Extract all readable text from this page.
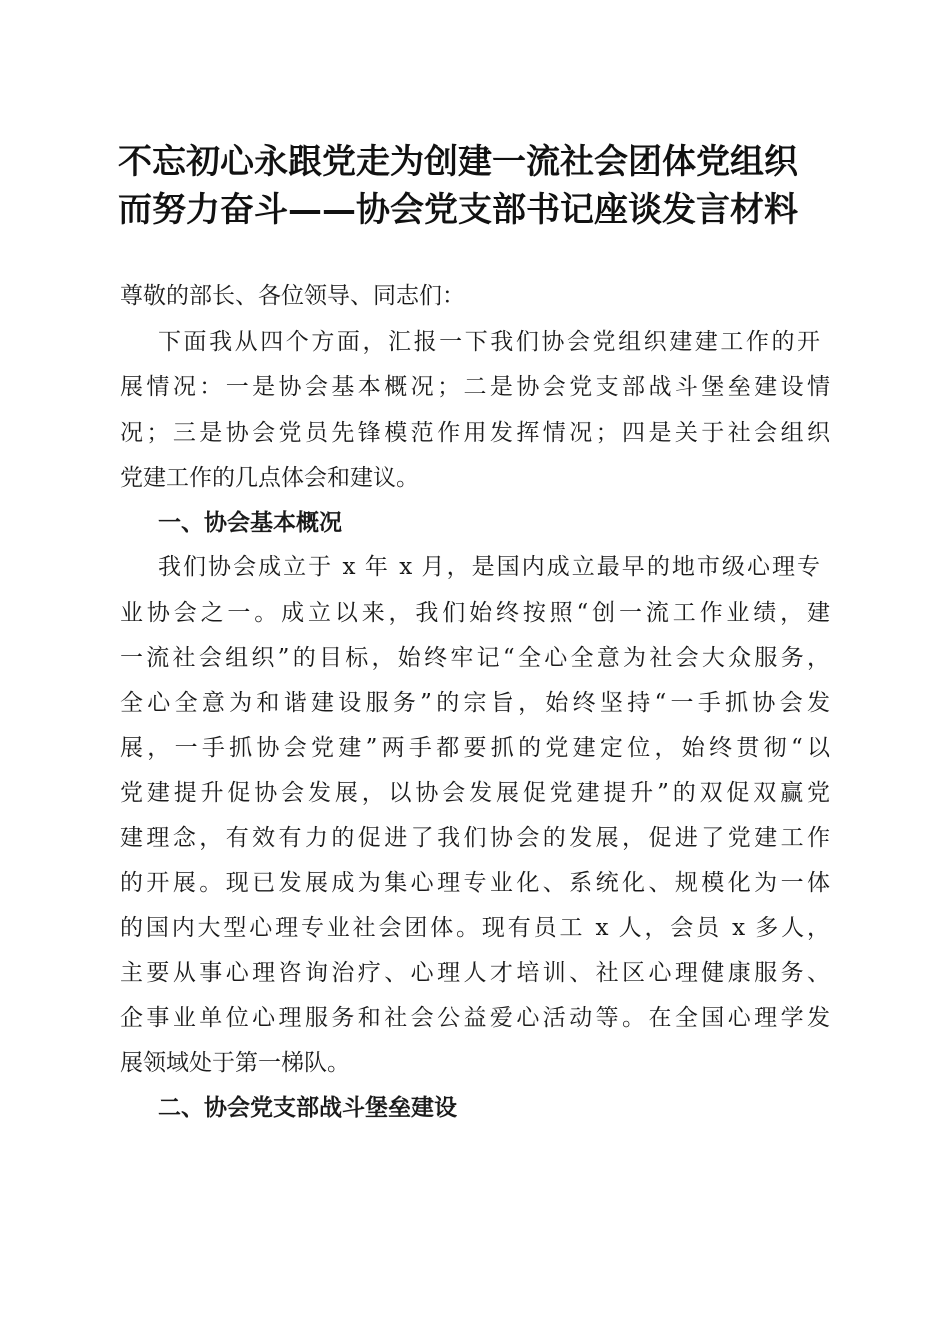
不忘初心永跟党走为创建一流社会团体党组织
而努力奋斗——协会党支部书记座谈发言材料
尊敬的部长、各位领导、同志们：
下面我从四个方面，汇报一下我们协会党组织建建工作的开
展情况：一是协会基本概况；二是协会党支部战斗堡垒建设情
况；三是协会党员先锋模范作用发挥情况；四是关于社会组织
党建工作的几点体会和建议。
一、协会基本概况
我们协会成立于 x 年 x 月，是国内成立最早的地市级心理专
业协会之一。成立以来，我们始终按照“创一流工作业绩，建
一流社会组织”的目标，始终牢记“全心全意为社会大众服务，
全心全意为和谐建设服务”的宗旨，始终坚持“一手抓协会发
展，一手抓协会党建”两手都要抓的党建定位，始终贯彻“以
党建提升促协会发展，以协会发展促党建提升”的双促双赢党
建理念，有效有力的促进了我们协会的发展，促进了党建工作
的开展。现已发展成为集心理专业化、系统化、规模化为一体
的国内大型心理专业社会团体。现有员工 x 人，会员 x 多人，
主要从事心理咨询治疗、心理人才培训、社区心理健康服务、
企事业单位心理服务和社会公益爱心活动等。在全国心理学发
展领域处于第一梯队。
二、协会党支部战斗堡垒建设
